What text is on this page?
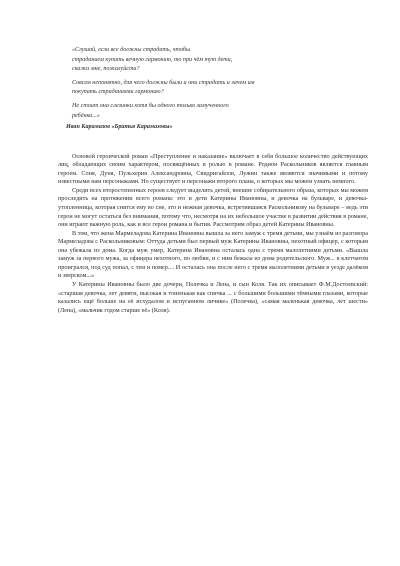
«Слушай, если все должны страдать, чтобы

страданием купить вечную гармонию, то при чём тут дети,

скажи мне, пожалуйста?

Совсем непонятно, для чего должны были и они страдать и зачем им

покупать страданиями гармонию?

Не стоит она слезинки хотя бы одного только замученного

ребёнка...»

Иван Карамазов «Братья Карамазовы»

Основой героической роман «Преступление и наказание» включает в себя большое количество действующих лиц, обладающих своим характером, посвящённых в ролью в романе. Родион Раскольников является главным героем. Соня, Дуня, Пульхерия Александровна, Свидригайлов, Лужин также являются значимыми и потому известными нам персонажами. Но существует и персонажи второго плана, о которых мы можем узнать немного.

Среди всех второстепенных героев следует выделить детей, внешне собирательного образа, которых мы можем проследить на протяжении всего романа: это и дети Катерины Ивановны, и девочка на бульваре, и девочка-утопленница, которая снится ему во сне, это и нежная девочка, встретившаяся Раскольникову на бульваре – ведь эти герои не могут остаться без внимания, потому что, несмотря на их небольшое участие в развитии действия в романе, они играют важную роль, как и все герои романа и бытия. Рассмотрим образ детей Катерины Ивановны.

В том, что жена Мармеладова Катерина Ивановна вышла за него замуж с тремя детьми, мы узнаём из разговора Мармеладова с Раскольниковым: Оттуда детьми был первый муж Катерины Ивановны, пехотный офицер, с которым она убежала из дома. Когда муж умер, Катерина Ивановна осталась одна с тремя малолетними детьми. «Вышла замуж за первого мужа, за офицера пехотного, по любви, и с ним бежала из дома родительского. Муж... в клетчатом проигрался, под суд попал, с тем и помер.... И осталась она после него с тремя малолетними детьми в уезде далёком и зверском...»

У Катерины Ивановны было две дочери, Полечка и Лена, и сын Коля. Так их описывает Ф.М.Достоевский: «старшая девочка, лет девяти, высокая и тоненькая как спичка ... с большими большими тёмными глазами, которые казались ещё больше на её исхудалом и испуганном личике» (Полечка), «самая маленькая девочка, лет шести» (Лена), «мальчик годом старше её» (Коля).
